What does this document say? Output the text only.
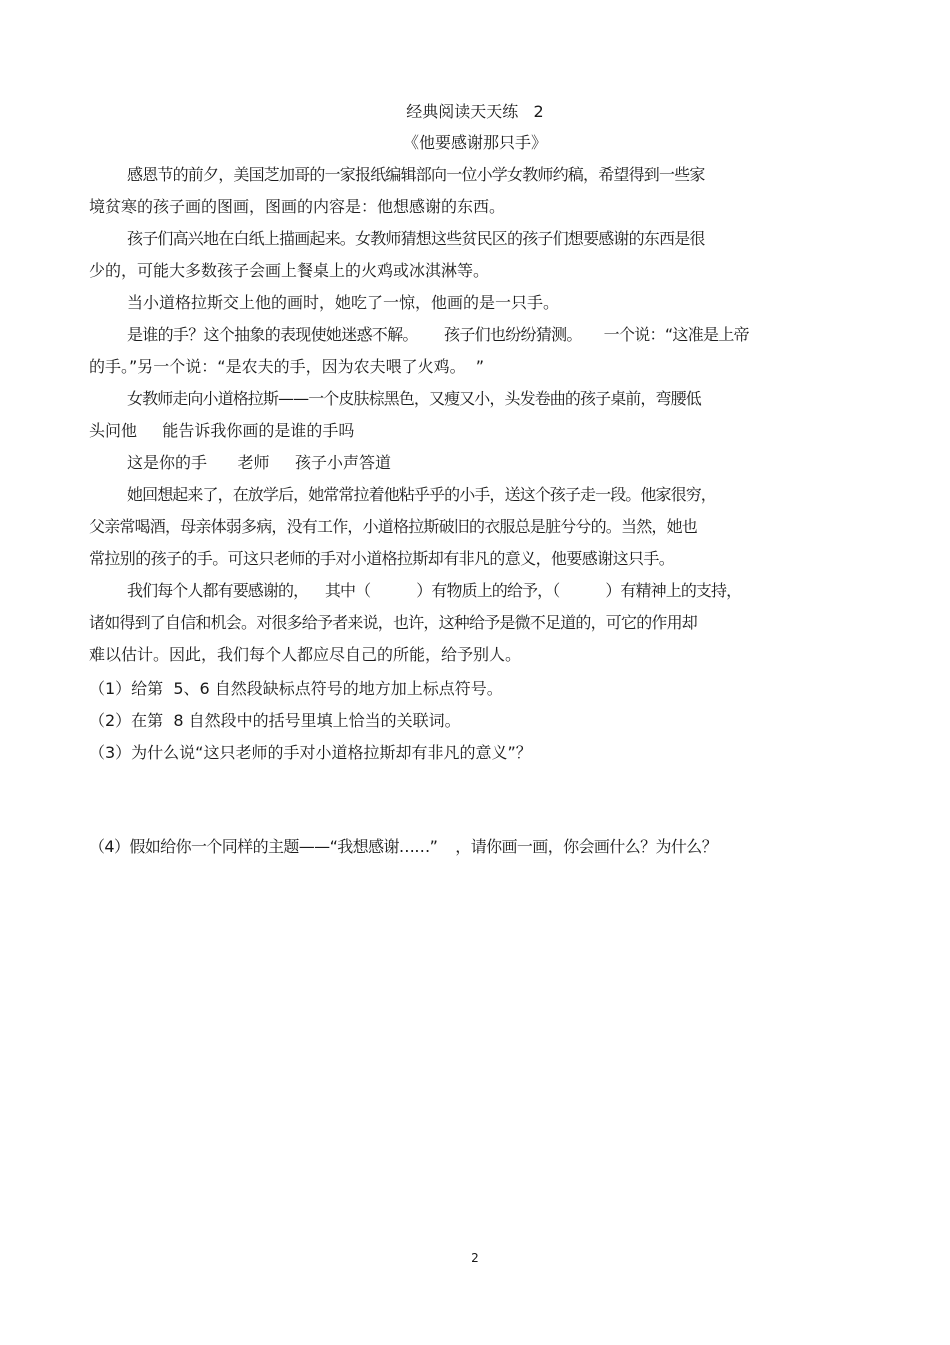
经典阅读天天练   2
《他要感谢那只手》
感恩节的前夕，美国芝加哥的一家报纸编辑部向一位小学女教师约稿，希望得到一些家
境贫寒的孩子画的图画，图画的内容是：他想感谢的东西。
孩子们高兴地在白纸上描画起来。女教师猜想这些贫民区的孩子们想要感谢的东西是很
少的，可能大多数孩子会画上餐桌上的火鸡或冰淇淋等。
当小道格拉斯交上他的画时，她吃了一惊，他画的是一只手。
是谁的手？这个抽象的表现使她迷惑不解。      孩子们也纷纷猜测。     一个说：“这准是上帝
的手。”另一个说：“是农夫的手，因为农夫喂了火鸡。  ”
女教师走向小道格拉斯——一个皮肤棕黑色，又瘦又小，头发卷曲的孩子桌前，弯腰低
头问他     能告诉我你画的是谁的手吗
这是你的手      老师     孩子小声答道
她回想起来了，在放学后，她常常拉着他粘乎乎的小手，送这个孩子走一段。他家很穷，
父亲常喝酒，母亲体弱多病，没有工作，小道格拉斯破旧的衣服总是脏兮兮的。当然，她也
常拉别的孩子的手。可这只老师的手对小道格拉斯却有非凡的意义，他要感谢这只手。
我们每个人都有要感谢的，    其中（           ）有物质上的给予，（           ）有精神上的支持，
诸如得到了自信和机会。对很多给予者来说，也许，这种给予是微不足道的，可它的作用却
难以估计。因此，我们每个人都应尽自己的所能，给予别人。
（1）给第  5、6 自然段缺标点符号的地方加上标点符号。
（2）在第  8 自然段中的括号里填上恰当的关联词。
（3）为什么说“这只老师的手对小道格拉斯却有非凡的意义”？
（4）假如给你一个同样的主题——“我想感谢……”    ，请你画一画，你会画什么？为什么？
2
